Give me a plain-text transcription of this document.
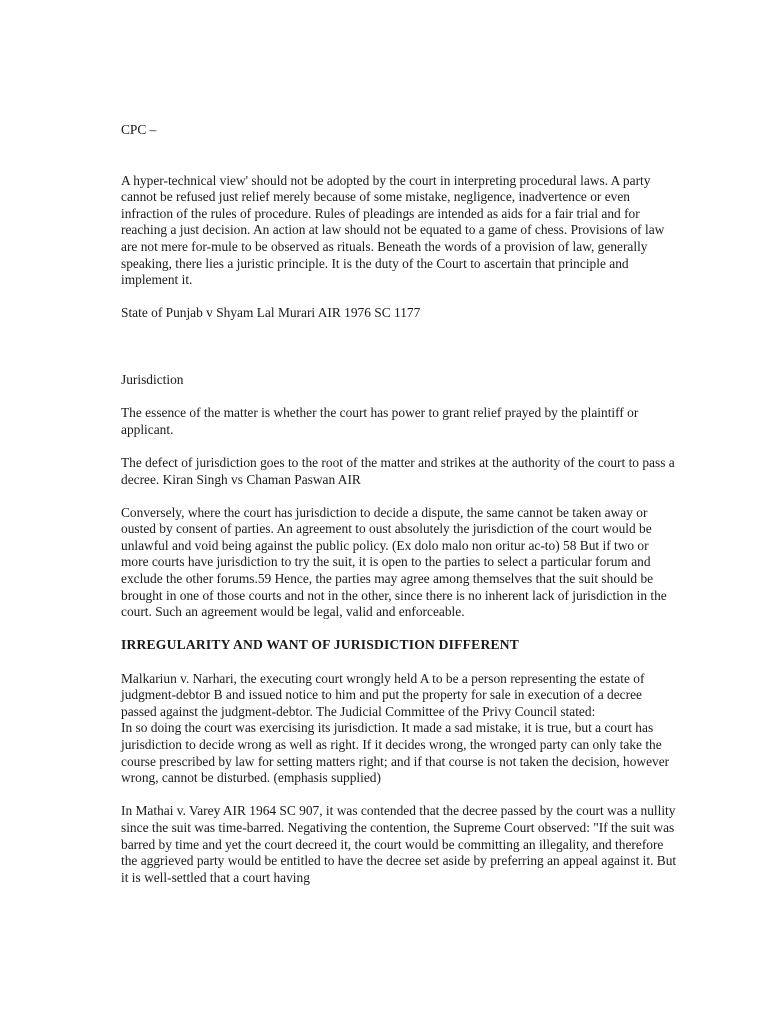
CPC –

A hyper-technical view' should not be adopted by the court in interpreting procedural laws. A party cannot be refused just relief merely because of some mistake, negligence, inadvertence or even infraction of the rules of procedure. Rules of pleadings are intended as aids for a fair trial and for reaching a just decision. An action at law should not be equated to a game of chess. Provisions of law are not mere for-mule to be observed as rituals. Beneath the words of a provision of law, generally speaking, there lies a juristic principle. It is the duty of the Court to ascertain that principle and implement it.

State of Punjab v Shyam Lal Murari AIR 1976 SC 1177

Jurisdiction

The essence of the matter is whether the court has power to grant relief prayed by the plaintiff or applicant.

The defect of jurisdiction goes to the root of the matter and strikes at the authority of the court to pass a decree. Kiran Singh vs Chaman Paswan AIR

Conversely, where the court has jurisdiction to decide a dispute, the same cannot be taken away or ousted by consent of parties. An agreement to oust absolutely the jurisdiction of the court would be unlawful and void being against the public policy. (Ex dolo malo non oritur ac-to) 58 But if two or more courts have jurisdiction to try the suit, it is open to the parties to select a particular forum and exclude the other forums.59 Hence, the parties may agree among themselves that the suit should be brought in one of those courts and not in the other, since there is no inherent lack of jurisdiction in the court. Such an agreement would be legal, valid and enforceable.

IRREGULARITY AND WANT OF JURISDICTION DIFFERENT

Malkariun v. Narhari, the executing court wrongly held A to be a person representing the estate of judgment-debtor B and issued notice to him and put the property for sale in execution of a decree passed against the judgment-debtor. The Judicial Committee of the Privy Council stated:

In so doing the court was exercising its jurisdiction. It made a sad mistake, it is true, but a court has jurisdiction to decide wrong as well as right. If it decides wrong, the wronged party can only take the course prescribed by law for setting matters right; and if that course is not taken the decision, however wrong, cannot be disturbed. (emphasis supplied)

In Mathai v. Varey AIR 1964 SC 907, it was contended that the decree passed by the court was a nullity since the suit was time-barred. Negativing the contention, the Supreme Court observed: "If the suit was barred by time and yet the court decreed it, the court would be committing an illegality, and therefore the aggrieved party would be entitled to have the decree set aside by preferring an appeal against it. But it is well-settled that a court having
